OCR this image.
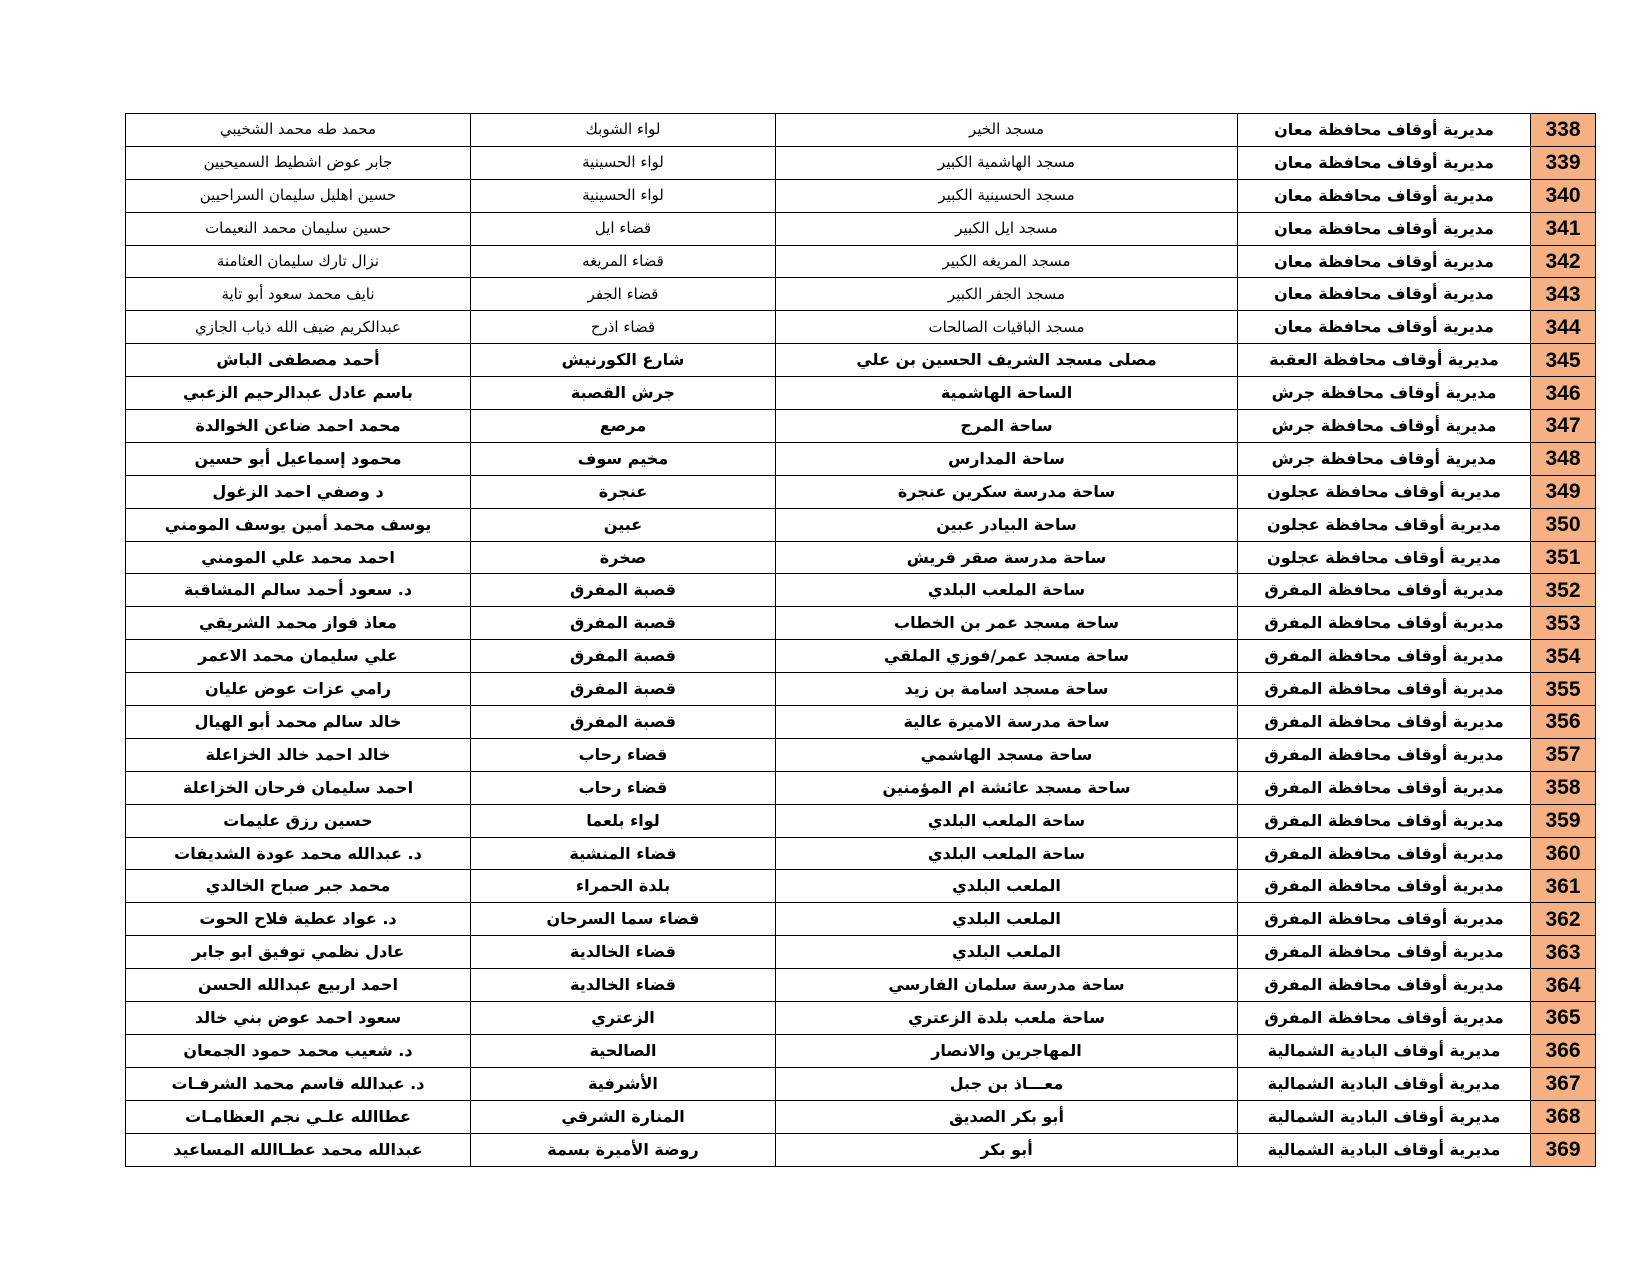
338	مديرية أوقاف محافظة معان	مسجد الخير	لواء الشوبك	محمد طه محمد الشخيبي
339	مديرية أوقاف محافظة معان	مسجد الهاشمية الكبير	لواء الحسينية	جابر عوض اشطيط السميحيين
340	مديرية أوقاف محافظة معان	مسجد الحسينية الكبير	لواء الحسينية	حسين اهليل سليمان السراحيين
341	مديرية أوقاف محافظة معان	مسجد ايل الكبير	قضاء ايل	حسين سليمان محمد النعيمات
342	مديرية أوقاف محافظة معان	مسجد المريغه الكبير	قضاء المريغه	نزال تارك سليمان العثامنة
343	مديرية أوقاف محافظة معان	مسجد الجفر الكبير	قضاء الجفر	نايف محمد سعود أبو تاية
344	مديرية أوقاف محافظة معان	مسجد الباقيات الصالحات	قضاء اذرح	عبدالكريم ضيف الله ذياب الجازي
345	مديرية أوقاف محافظة العقبة	مصلى مسجد الشريف الحسين بن علي	شارع الكورنيش	أحمد مصطفى الباش
346	مديرية أوقاف محافظة جرش	الساحة الهاشمية	جرش القصبة	باسم عادل عبدالرحيم الزعبي
347	مديرية أوقاف محافظة جرش	ساحة المرج	مرصع	محمد احمد ضاعن الخوالدة
348	مديرية أوقاف محافظة جرش	ساحة المدارس	مخيم سوف	محمود إسماعيل أبو حسين
349	مديرية أوقاف محافظة عجلون	ساحة مدرسة سكرين عنجرة	عنجرة	د وصفي احمد الزغول
350	مديرية أوقاف محافظة عجلون	ساحة البيادر عبين	عبين	يوسف محمد أمين يوسف المومني
351	مديرية أوقاف محافظة عجلون	ساحة مدرسة صقر قريش	صخرة	احمد محمد علي المومني
352	مديرية أوقاف محافظة المفرق	ساحة الملعب البلدي	قصبة المفرق	د. سعود أحمد سالم المشاقبة
353	مديرية أوقاف محافظة المفرق	ساحة مسجد عمر بن الخطاب	قصبة المفرق	معاذ فواز محمد الشريقي
354	مديرية أوقاف محافظة المفرق	ساحة مسجد عمر/فوزي الملقي	قصبة المفرق	علي سليمان محمد الاعمر
355	مديرية أوقاف محافظة المفرق	ساحة مسجد اسامة بن زيد	قصبة المفرق	رامي عزات عوض عليان
356	مديرية أوقاف محافظة المفرق	ساحة مدرسة الاميرة عالية	قصبة المفرق	خالد سالم محمد أبو الهيال
357	مديرية أوقاف محافظة المفرق	ساحة مسجد الهاشمي	قضاء رحاب	خالد احمد خالد الخزاعلة
358	مديرية أوقاف محافظة المفرق	ساحة مسجد عائشة ام المؤمنين	قضاء رحاب	احمد سليمان فرحان الخزاعلة
359	مديرية أوقاف محافظة المفرق	ساحة الملعب البلدي	لواء بلعما	حسين رزق عليمات
360	مديرية أوقاف محافظة المفرق	ساحة الملعب البلدي	قضاء المنشية	د. عبدالله محمد عودة الشديفات
361	مديرية أوقاف محافظة المفرق	الملعب البلدي	بلدة الحمراء	محمد جبر صباح الخالدي
362	مديرية أوقاف محافظة المفرق	الملعب البلدي	قضاء سما السرحان	د. عواد عطية فلاح الحوت
363	مديرية أوقاف محافظة المفرق	الملعب البلدي	قضاء الخالدية	عادل نظمي توفيق ابو جابر
364	مديرية أوقاف محافظة المفرق	ساحة مدرسة سلمان الفارسي	قضاء الخالدية	احمد اربيع عبدالله الحسن
365	مديرية أوقاف محافظة المفرق	ساحة ملعب بلدة الزعتري	الزعتري	سعود احمد عوض بني خالد
366	مديرية أوقاف البادية الشمالية	المهاجرين والانصار	الصالحية	د. شعيب محمد حمود الجمعان
367	مديرية أوقاف البادية الشمالية	معـــاذ بن جبل	الأشرفية	د. عبدالله قاسم محمد الشرفـات
368	مديرية أوقاف البادية الشمالية	أبو بكر الصديق	المنارة الشرقي	عطاالله علـي نجم العظامـات
369	مديرية أوقاف البادية الشمالية	أبو بكر	روضة الأميرة بسمة	عبدالله محمد عطـاالله المساعيد
